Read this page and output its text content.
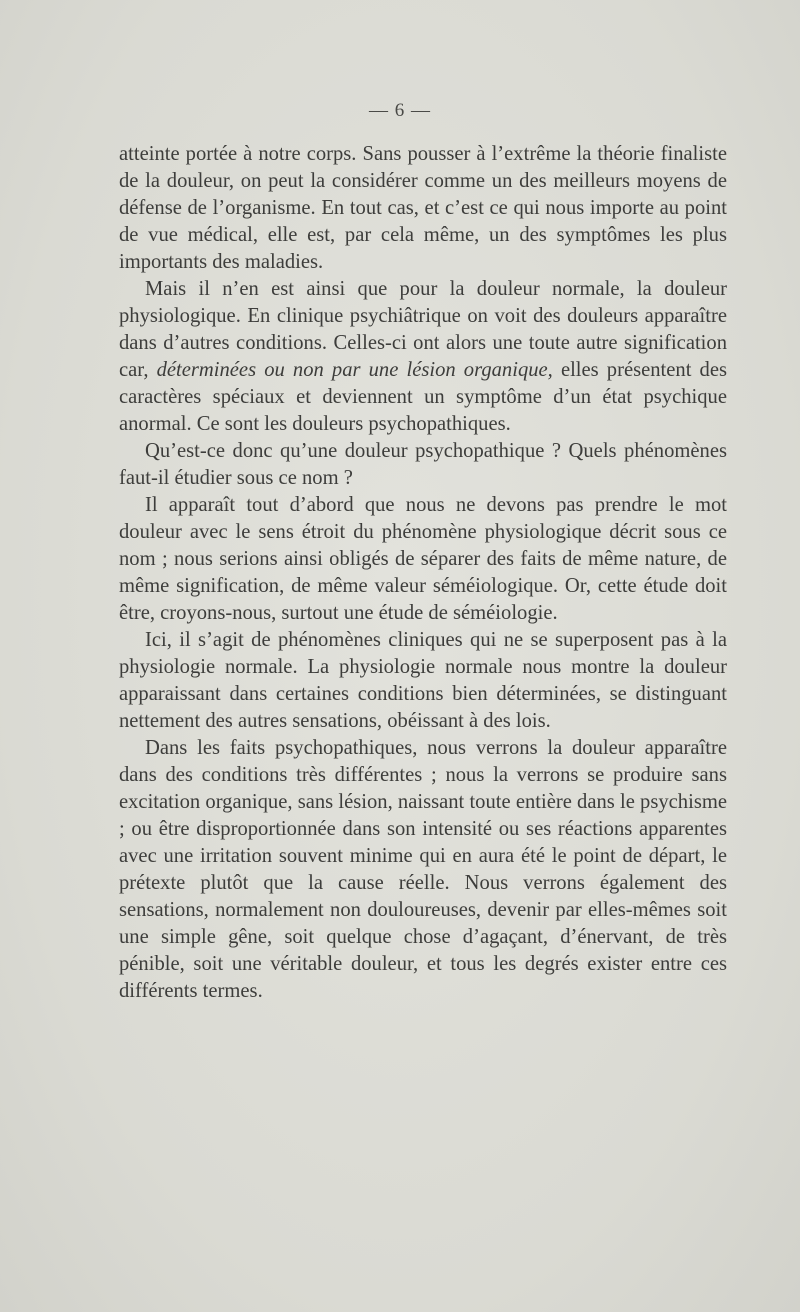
— 6 —

atteinte portée à notre corps. Sans pousser à l’extrême la théorie finaliste de la douleur, on peut la considérer comme un des meilleurs moyens de défense de l’organisme. En tout cas, et c’est ce qui nous importe au point de vue médical, elle est, par cela même, un des symptômes les plus importants des maladies.

Mais il n’en est ainsi que pour la douleur normale, la douleur physiologique. En clinique psychiâtrique on voit des douleurs apparaître dans d’autres conditions. Celles-ci ont alors une toute autre signification car, déterminées ou non par une lésion organique, elles présentent des caractères spéciaux et deviennent un symptôme d’un état psychique anormal. Ce sont les douleurs psychopathiques.

Qu’est-ce donc qu’une douleur psychopathique ? Quels phénomènes faut-il étudier sous ce nom ?

Il apparaît tout d’abord que nous ne devons pas prendre le mot douleur avec le sens étroit du phénomène physiologique décrit sous ce nom ; nous serions ainsi obligés de séparer des faits de même nature, de même signification, de même valeur séméiologique. Or, cette étude doit être, croyons-nous, surtout une étude de séméiologie.

Ici, il s’agit de phénomènes cliniques qui ne se superposent pas à la physiologie normale. La physiologie normale nous montre la douleur apparaissant dans certaines conditions bien déterminées, se distinguant nettement des autres sensations, obéissant à des lois.

Dans les faits psychopathiques, nous verrons la douleur apparaître dans des conditions très différentes ; nous la verrons se produire sans excitation organique, sans lésion, naissant toute entière dans le psychisme ; ou être disproportionnée dans son intensité ou ses réactions apparentes avec une irritation souvent minime qui en aura été le point de départ, le prétexte plutôt que la cause réelle. Nous verrons également des sensations, normalement non douloureuses, devenir par elles-mêmes soit une simple gêne, soit quelque chose d’agaçant, d’énervant, de très pénible, soit une véritable douleur, et tous les degrés exister entre ces différents termes.
